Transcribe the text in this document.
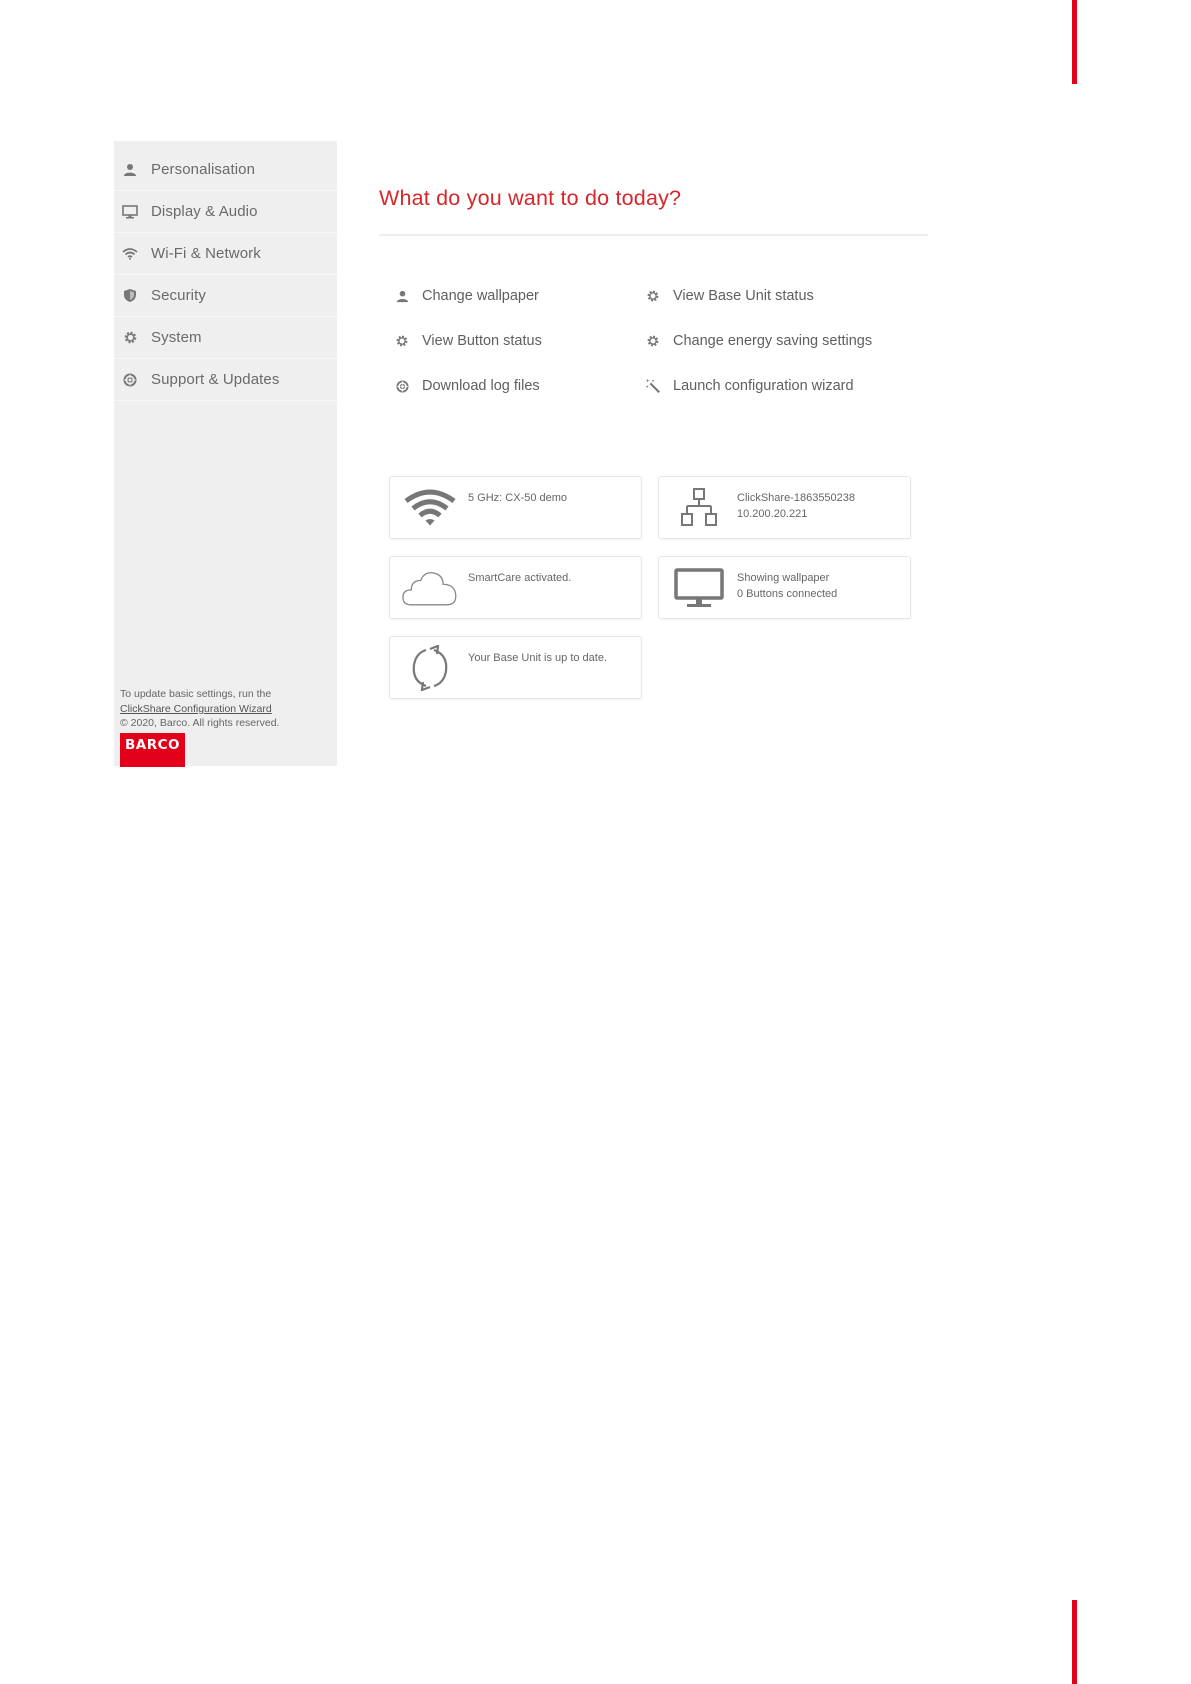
Personalisation
Display & Audio
Wi-Fi & Network
Security
System
Support & Updates
To update basic settings, run the
ClickShare Configuration Wizard
© 2020, Barco. All rights reserved.
BARCO
What do you want to do today?
Change wallpaper	View Base Unit status
View Button status	Change energy saving settings
Download log files	Launch configuration wizard
5 GHz: CX-50 demo	ClickShare-1863550238
10.200.20.221
SmartCare activated.	Showing wallpaper
0 Buttons connected
Your Base Unit is up to date.
